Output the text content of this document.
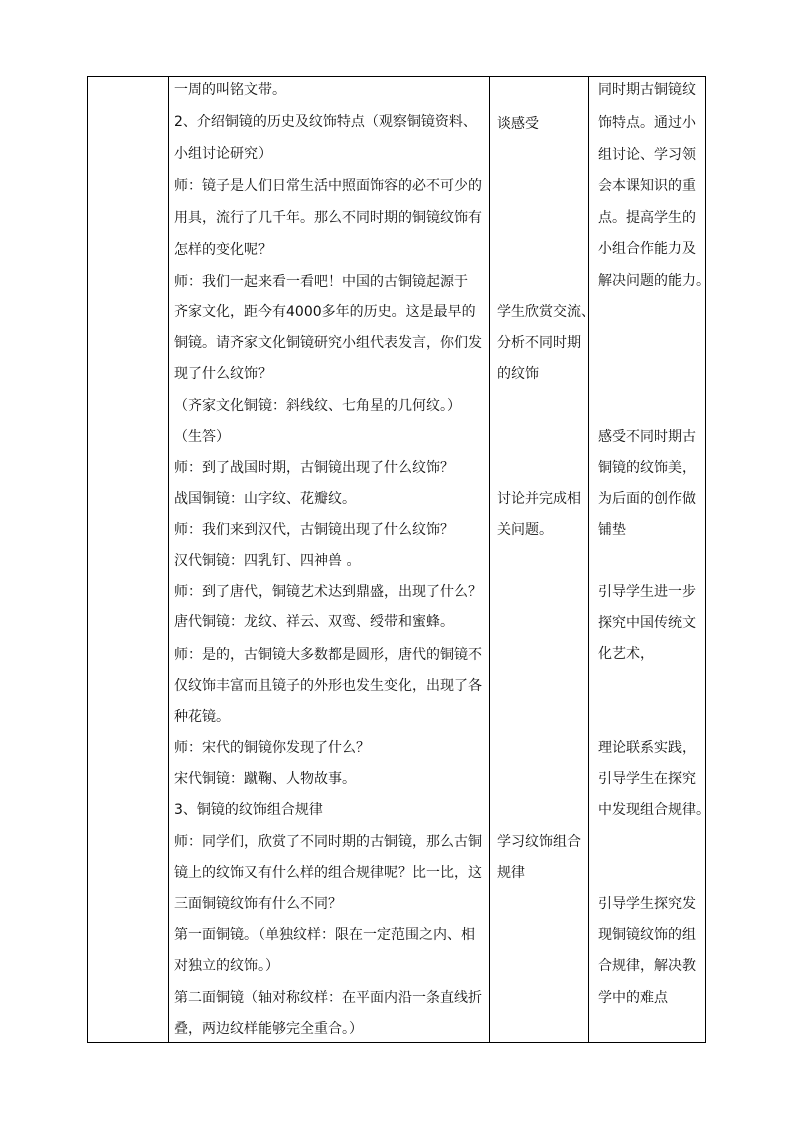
一周的叫铭文带。
2、介绍铜镜的历史及纹饰特点（观察铜镜资料、
小组讨论研究）
师：镜子是人们日常生活中照面饰容的必不可少的
用具，流行了几千年。那么不同时期的铜镜纹饰有
怎样的变化呢？
师：我们一起来看一看吧！中国的古铜镜起源于
齐家文化，距今有4000多年的历史。这是最早的
铜镜。请齐家文化铜镜研究小组代表发言，你们发
现了什么纹饰？
（齐家文化铜镜：斜线纹、七角星的几何纹。）
（生答）
师：到了战国时期，古铜镜出现了什么纹饰？
战国铜镜：山字纹、花瓣纹。
师：我们来到汉代，古铜镜出现了什么纹饰？
汉代铜镜：四乳钉、四神兽 。
师：到了唐代，铜镜艺术达到鼎盛，出现了什么？
唐代铜镜：龙纹、祥云、双鸾、绶带和蜜蜂。
师：是的，古铜镜大多数都是圆形，唐代的铜镜不
仅纹饰丰富而且镜子的外形也发生变化，出现了各
种花镜。
师：宋代的铜镜你发现了什么？
宋代铜镜：蹴鞠、人物故事。
3、铜镜的纹饰组合规律
师：同学们，欣赏了不同时期的古铜镜，那么古铜
镜上的纹饰又有什么样的组合规律呢？比一比，这
三面铜镜纹饰有什么不同？
第一面铜镜。（单独纹样：限在一定范围之内、相
对独立的纹饰。）
第二面铜镜（轴对称纹样：在平面内沿一条直线折
叠，两边纹样能够完全重合。）
谈感受
学生欣赏交流、
分析不同时期
的纹饰
讨论并完成相
关问题。
学习纹饰组合
规律
同时期古铜镜纹
饰特点。通过小
组讨论、学习领
会本课知识的重
点。提高学生的
小组合作能力及
解决问题的能力。
感受不同时期古
铜镜的纹饰美，
为后面的创作做
铺垫
引导学生进一步
探究中国传统文
化艺术，
理论联系实践，
引导学生在探究
中发现组合规律。
引导学生探究发
现铜镜纹饰的组
合规律，解决教
学中的难点
